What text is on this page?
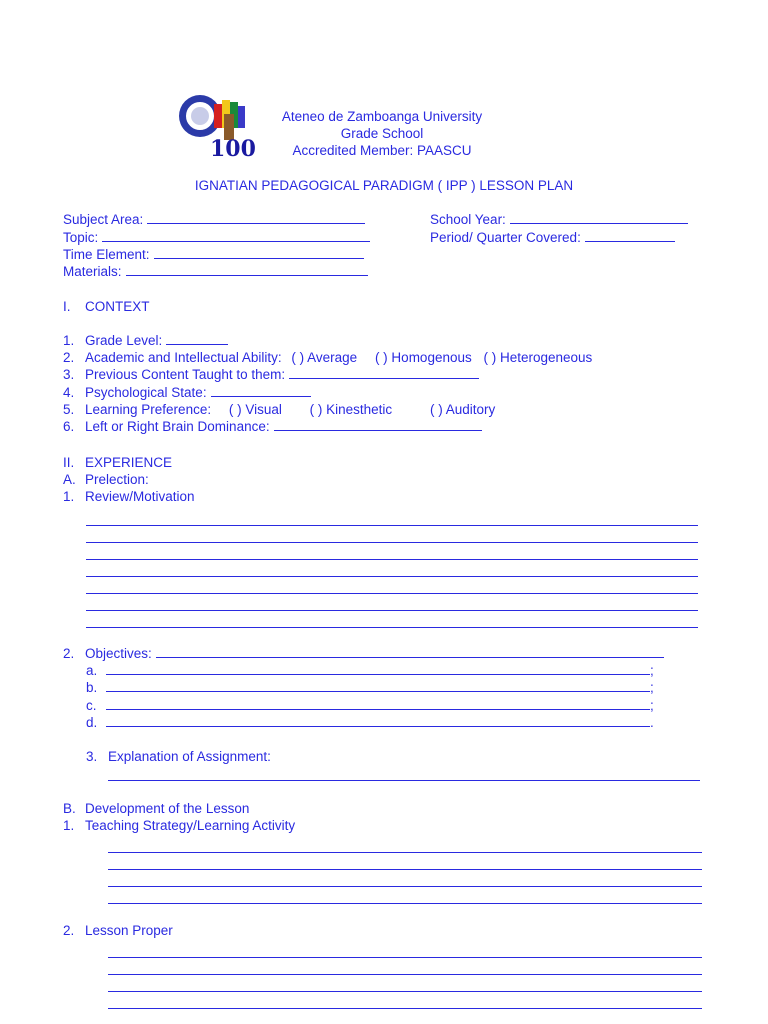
100
Ateneo de Zamboanga University
Grade School
Accredited Member: PAASCU
IGNATIAN PEDAGOGICAL PARADIGM ( IPP ) LESSON PLAN
Subject Area:
Topic:
Time Element:
Materials:
School Year:
Period/ Quarter Covered:
I. CONTEXT
1. Grade Level:
2. Academic and Intellectual Ability: ( ) Average ( ) Homogenous ( ) Heterogeneous
3. Previous Content Taught to them:
4. Psychological State:
5. Learning Preference: ( ) Visual ( ) Kinesthetic	( ) Auditory
6. Left or Right Brain Dominance:
II. EXPERIENCE
A. Prelection:
1. Review/Motivation
2. Objectives:
a.	;
b.	;
c.	;
d.	.
3. Explanation of Assignment:
B. Development of the Lesson
1. Teaching Strategy/Learning Activity
2. Lesson Proper
